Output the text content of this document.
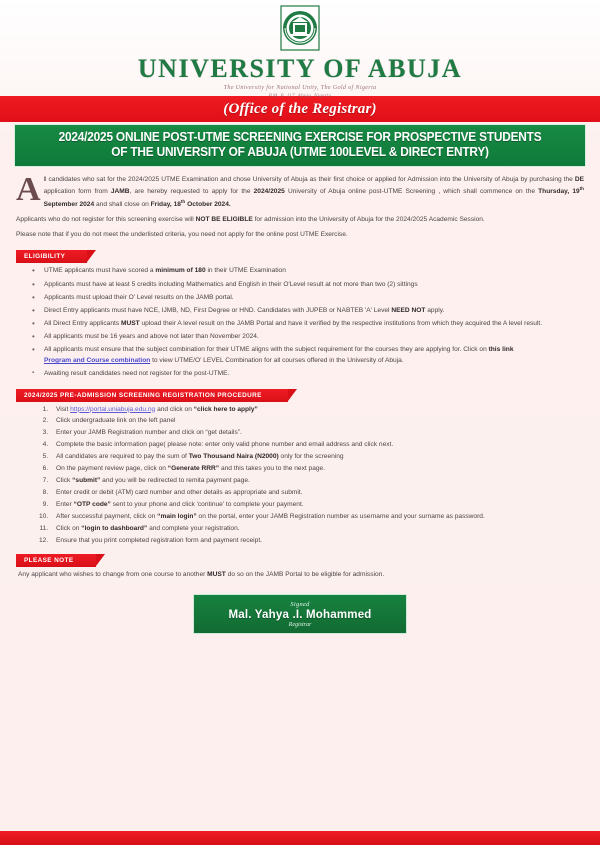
UNIVERSITY OF ABUJA
The University for National Unity, The Gold of Nigeria
P.M. B. 117, Abuja, Nigeria
(Office of the Registrar)
2024/2025 ONLINE POST-UTME SCREENING EXERCISE FOR PROSPECTIVE STUDENTS
OF THE UNIVERSITY OF ABUJA (UTME 100LEVEL & DIRECT ENTRY)

All candidates who sat for the 2024/2025 UTME Examination and chose University of Abuja as their first choice or applied for Admission into the University of Abuja by purchasing the DE application form from JAMB, are hereby requested to apply for the 2024/2025 University of Abuja online post-UTME Screening , which shall commence on the Thursday, 19th September 2024 and shall close on Friday, 18th October 2024.

Applicants who do not register for this screening exercise will NOT BE ELIGIBLE for admission into the University of Abuja for the 2024/2025 Academic Session.

Please note that if you do not meet the underlisted criteria, you need not apply for the online post UTME Exercise.

ELIGIBILITY
• UTME applicants must have scored a minimum of 180 in their UTME Examination
• Applicants must have at least 5 credits including Mathematics and English in their O'Level result at not more than two (2) sittings
• Applicants must upload their O' Level results on the JAMB portal.
• Direct Entry applicants must have NCE, IJMB, ND, First Degree or HND. Candidates with JUPEB or NABTEB 'A' Level NEED NOT apply.
• All Direct Entry applicants MUST upload their A level result on the JAMB Portal and have it verified by the respective institutions from which they acquired the A level result.
• All applicants must be 16 years and above not later than November 2024.
• All applicants must ensure that the subject combination for their UTME aligns with the subject requirement for the courses they are applying for. Click on this link
Program and Course combination to view UTME/O' LEVEL Combination for all courses offered in the University of Abuja.
▪ Awaiting result candidates need not register for the post-UTME.
2024/2025 PRE-ADMISSION SCREENING REGISTRATION PROCEDURE
1. Visit https://portal.uniabuja.edu.ng and click on “click here to apply”
2. Click undergraduate link on the left panel
3. Enter your JAMB Registration number and click on “get details”.
4. Complete the basic information page( please note: enter only valid phone number and email address and click next.
5. All candidates are required to pay the sum of Two Thousand Naira (N2000) only for the screening
6. On the payment review page, click on “Generate RRR” and this takes you to the next page.
7. Click “submit” and you will be redirected to remita payment page.
8. Enter credit or debit (ATM) card number and other details as appropriate and submit.
9. Enter “OTP code” sent to your phone and click 'continue' to complete your payment.
10. After successful payment, click on “main login” on the portal, enter your JAMB Registration number as username and your surname as password.
11. Click on “login to dashboard” and complete your registration.
12. Ensure that you print completed registration form and payment receipt.
PLEASE NOTE
Any applicant who wishes to change from one course to another MUST do so on the JAMB Portal to be eligible for admission.
Signed
Mal. Yahya .I. Mohammed
Registrar
